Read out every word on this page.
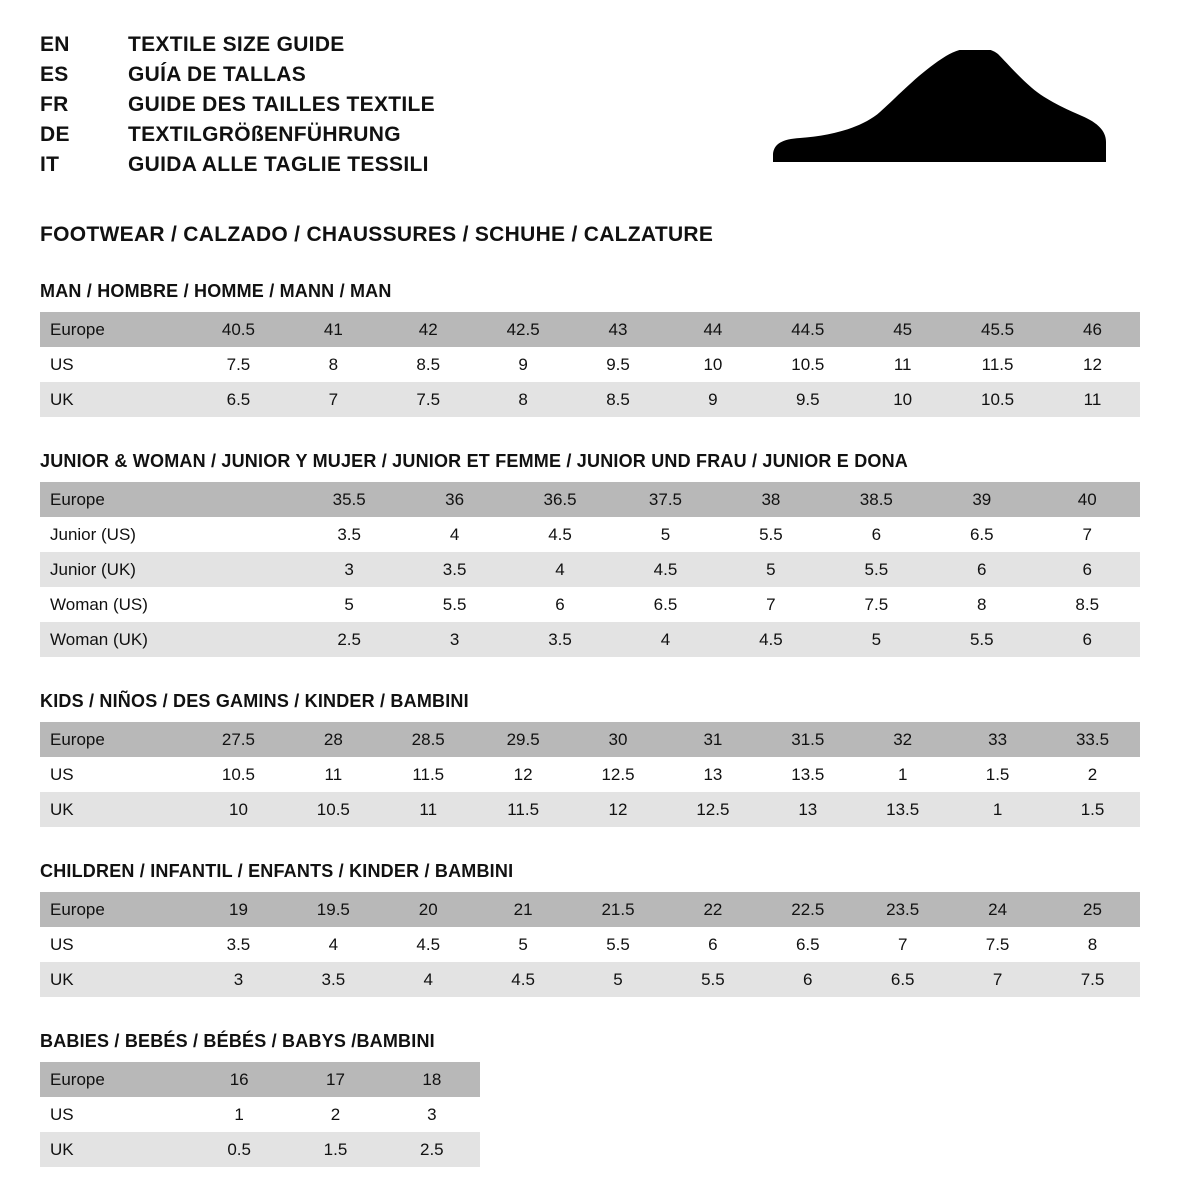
EN	TEXTILE SIZE GUIDE
ES	GUÍA DE TALLAS
FR	GUIDE DES TAILLES TEXTILE
DE	TEXTILGRÖßENFÜHRUNG
IT	GUIDA ALLE TAGLIE TESSILI
FOOTWEAR / CALZADO / CHAUSSURES / SCHUHE / CALZATURE
MAN / HOMBRE / HOMME / MANN / MAN
Europe	40.5	41	42	42.5	43	44	44.5	45	45.5	46
US	7.5	8	8.5	9	9.5	10	10.5	11	11.5	12
UK	6.5	7	7.5	8	8.5	9	9.5	10	10.5	11
JUNIOR & WOMAN / JUNIOR Y MUJER / JUNIOR ET FEMME / JUNIOR UND FRAU / JUNIOR E DONA
Europe		35.5	36	36.5	37.5	38	38.5	39	40
Junior (US)		3.5	4	4.5	5	5.5	6	6.5	7
Junior (UK)		3	3.5	4	4.5	5	5.5	6	6
Woman (US)		5	5.5	6	6.5	7	7.5	8	8.5
Woman (UK)		2.5	3	3.5	4	4.5	5	5.5	6
KIDS / NIÑOS / DES GAMINS / KINDER / BAMBINI
Europe	27.5	28	28.5	29.5	30	31	31.5	32	33	33.5
US	10.5	11	11.5	12	12.5	13	13.5	1	1.5	2
UK	10	10.5	11	11.5	12	12.5	13	13.5	1	1.5
CHILDREN / INFANTIL / ENFANTS / KINDER / BAMBINI
Europe	19	19.5	20	21	21.5	22	22.5	23.5	24	25
US	3.5	4	4.5	5	5.5	6	6.5	7	7.5	8
UK	3	3.5	4	4.5	5	5.5	6	6.5	7	7.5
BABIES / BEBÉS / BÉBÉS / BABYS /BAMBINI
Europe	16	17	18
US	1	2	3
UK	0.5	1.5	2.5
